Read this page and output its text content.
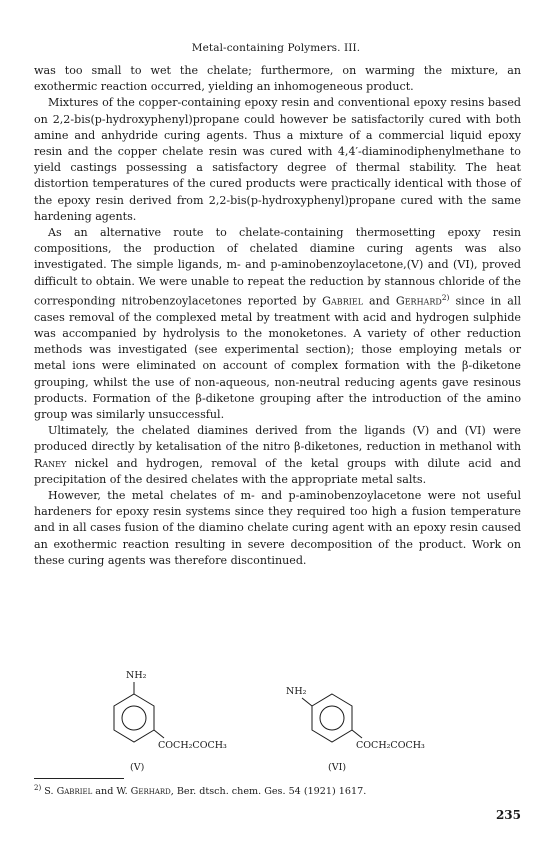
Metal-containing Polymers. III.

was too small to wet the chelate; furthermore, on warming the mixture, an exothermic reaction occurred, yielding an inhomogeneous product.

Mixtures of the copper-containing epoxy resin and conventional epoxy resins based on 2,2-bis(p-hydroxyphenyl)propane could however be satisfactorily cured with both amine and anhydride curing agents. Thus a mixture of a commercial liquid epoxy resin and the copper chelate resin was cured with 4,4′-diaminodiphenylmethane to yield castings possessing a satisfactory degree of thermal stability. The heat distortion temperatures of the cured products were practically identical with those of the epoxy resin derived from 2,2-bis(p-hydroxyphenyl)propane cured with the same hardening agents.

As an alternative route to chelate-containing thermosetting epoxy resin compositions, the production of chelated diamine curing agents was also investigated. The simple ligands, m- and p-aminobenzoylacetone,(V) and (VI), proved difficult to obtain. We were unable to repeat the reduction by stannous chloride of the corresponding nitrobenzoylacetones reported by Gabriel and Gerhard$^{2)}$ since in all cases removal of the complexed metal by treatment with acid and hydrogen sulphide was accompanied by hydrolysis to the monoketones. A variety of other reduction methods was investigated (see experimental section); those employing metals or metal ions were eliminated on account of complex formation with the β-diketone grouping, whilst the use of non-aqueous, non-neutral reducing agents gave resinous products. Formation of the β-diketone grouping after the introduction of the amino group was similarly unsuccessful.

Ultimately, the chelated diamines derived from the ligands (V) and (VI) were produced directly by ketalisation of the nitro β-diketones, reduction in methanol with Raney nickel and hydrogen, removal of the ketal groups with dilute acid and precipitation of the desired chelates with the appropriate metal salts.

However, the metal chelates of m- and p-aminobenzoylacetone were not useful hardeners for epoxy resin systems since they required too high a fusion temperature and in all cases fusion of the diamino chelate curing agent with an epoxy resin caused an exothermic reaction resulting in severe decomposition of the product. Work on these curing agents was therefore discontinued.

NH₂
COCH₂COCH₃
(V)
NH₂
COCH₂COCH₃
(VI)
$^{2)}$ S. Gabriel and W. Gerhard, Ber. dtsch. chem. Ges. 54 (1921) 1617.
235
